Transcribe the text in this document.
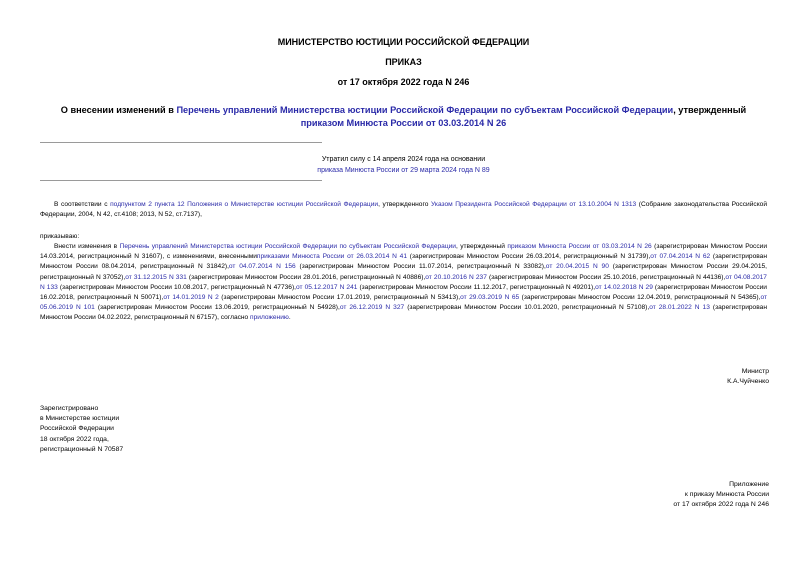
МИНИСТЕРСТВО ЮСТИЦИИ РОССИЙСКОЙ ФЕДЕРАЦИИ
ПРИКАЗ
от 17 октября 2022 года N 246
О внесении изменений в Перечень управлений Министерства юстиции Российской Федерации по субъектам Российской Федерации, утвержденный приказом Минюста России от 03.03.2014 N 26
Утратил силу с 14 апреля 2024 года на основании
приказа Минюста России от 29 марта 2024 года N 89
В соответствии с подпунктом 2 пункта 12 Положения о Министерстве юстиции Российской Федерации, утвержденного Указом Президента Российской Федерации от 13.10.2004 N 1313 (Собрание законодательства Российской Федерации, 2004, N 42, ст.4108; 2013, N 52, ст.7137),
приказываю:
Внести изменения в Перечень управлений Министерства юстиции Российской Федерации по субъектам Российской Федерации, утвержденный приказом Минюста России от 03.03.2014 N 26 (зарегистрирован Минюстом России 14.03.2014, регистрационный N 31607), с изменениями, внесеннымиприказами Минюста России от 26.03.2014 N 41 (зарегистрирован Минюстом России 26.03.2014, регистрационный N 31739),от 07.04.2014 N 62 (зарегистрирован Минюстом России 08.04.2014, регистрационный N 31842),от 04.07.2014 N 156 (зарегистрирован Минюстом России 11.07.2014, регистрационный N 33082),от 20.04.2015 N 90 (зарегистрирован Минюстом России 29.04.2015, регистрационный N 37052),от 31.12.2015 N 331 (зарегистрирован Минюстом России 28.01.2016, регистрационный N 40886),от 20.10.2016 N 237 (зарегистрирован Минюстом России 25.10.2016, регистрационный N 44136),от 04.08.2017 N 133 (зарегистрирован Минюстом России 10.08.2017, регистрационный N 47736),от 05.12.2017 N 241 (зарегистрирован Минюстом России 11.12.2017, регистрационный N 49201),от 14.02.2018 N 29 (зарегистрирован Минюстом России 16.02.2018, регистрационный N 50071),от 14.01.2019 N 2 (зарегистрирован Минюстом России 17.01.2019, регистрационный N 53413),от 29.03.2019 N 65 (зарегистрирован Минюстом России 12.04.2019, регистрационный N 54365),от 05.06.2019 N 101 (зарегистрирован Минюстом России 13.06.2019, регистрационный N 54928),от 26.12.2019 N 327 (зарегистрирован Минюстом России 10.01.2020, регистрационный N 57108),от 28.01.2022 N 13 (зарегистрирован Минюстом России 04.02.2022, регистрационный N 67157), согласно приложению.
Министр
К.А.Чуйченко
Зарегистрировано
в Министерстве юстиции
Российской Федерации
18 октября 2022 года,
регистрационный N 70587
Приложение
к приказу Минюста России
от 17 октября 2022 года N 246
